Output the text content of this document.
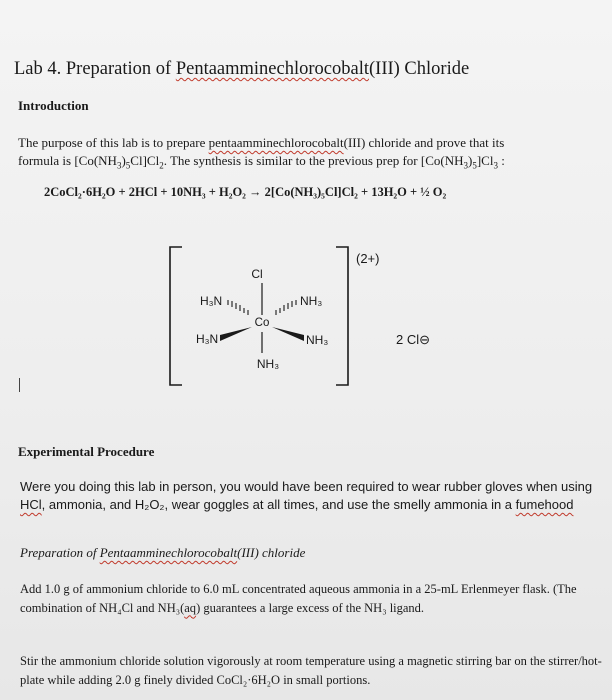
Lab 4. Preparation of Pentaamminechlorocobalt(III) Chloride
Introduction
The purpose of this lab is to prepare pentaamminechlorocobalt(III) chloride and prove that its
formula is $[Co(NH_3)_5Cl]Cl_2$. The synthesis is similar to the previous prep for $[Co(NH_3)_5]Cl_3$ :
2CoCl₂·6H₂O + 2HCl + 10NH₃ + H₂O₂ → 2[Co(NH₃)₅Cl]Cl₂ + 13H₂O + ½ O₂
(2+)
Cl
Co
NH₃
H₃N	NH₃
H₃N	NH₃	2 Cl⊖
Experimental Procedure
Were you doing this lab in person, you would have been required to wear rubber gloves when using HCl, ammonia, and H₂O₂, wear goggles at all times, and use the smelly ammonia in a fumehood
Preparation of Pentaamminechlorocobalt(III) chloride
Add 1.0 g of ammonium chloride to 6.0 mL concentrated aqueous ammonia in a 25-mL Erlenmeyer flask. (The combination of NH₄Cl and NH₃(aq) guarantees a large excess of the NH₃ ligand.
Stir the ammonium chloride solution vigorously at room temperature using a magnetic stirring bar on the stirrer/hot-plate while adding 2.0 g finely divided CoCl₂·6H₂O in small portions.
